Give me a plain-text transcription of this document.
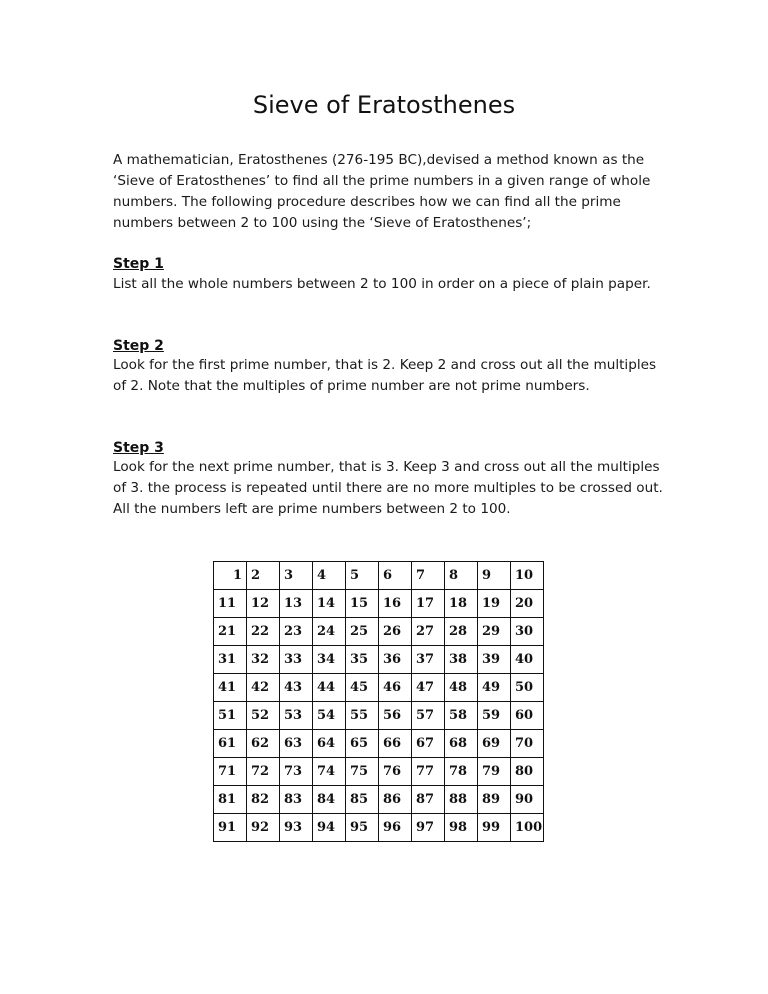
Sieve of Eratosthenes

A mathematician, Eratosthenes (276-195 BC),devised a method known as the ‘Sieve of Eratosthenes’ to find all the prime numbers in a given range of whole numbers. The following procedure describes how we can find all the prime numbers between 2 to 100 using the ‘Sieve of Eratosthenes’;

Step 1

List all the whole numbers between 2 to 100 in order on a piece of plain paper.

Step 2

Look for the first prime number, that is 2. Keep 2 and cross out all the multiples of 2. Note that the multiples of prime number are not prime numbers.

Step 3

Look for the next prime number, that is 3. Keep 3 and cross out all the multiples of 3. the process is repeated until there are no more multiples to be crossed out. All the numbers left are prime numbers between 2 to 100.

1	2	3	4	5	6	7	8	9	10
11	12	13	14	15	16	17	18	19	20
21	22	23	24	25	26	27	28	29	30
31	32	33	34	35	36	37	38	39	40
41	42	43	44	45	46	47	48	49	50
51	52	53	54	55	56	57	58	59	60
61	62	63	64	65	66	67	68	69	70
71	72	73	74	75	76	77	78	79	80
81	82	83	84	85	86	87	88	89	90
91	92	93	94	95	96	97	98	99	100
